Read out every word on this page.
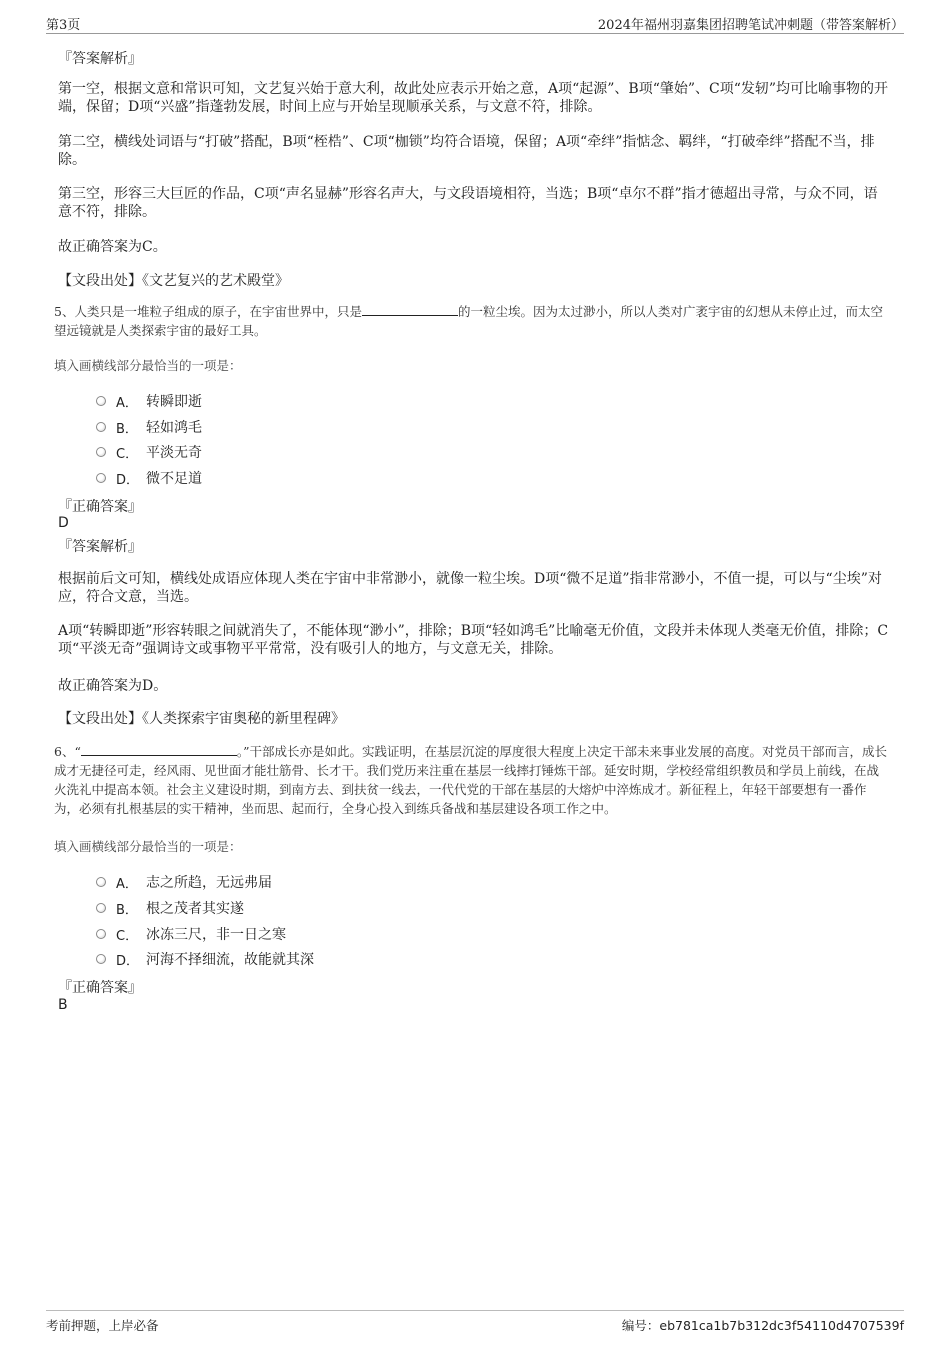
第3页	2024年福州羽嘉集团招聘笔试冲刺题（带答案解析）
『答案解析』
第一空，根据文意和常识可知，文艺复兴始于意大利，故此处应表示开始之意，A项“起源”、B项“肇始”、C项“发轫”均可比喻事物的开端，保留；D项“兴盛”指蓬勃发展，时间上应与开始呈现顺承关系，与文意不符，排除。
第二空，横线处词语与“打破”搭配，B项“桎梏”、C项“枷锁”均符合语境，保留；A项“牵绊”指惦念、羁绊，“打破牵绊”搭配不当，排除。
第三空，形容三大巨匠的作品，C项“声名显赫”形容名声大，与文段语境相符，当选；B项“卓尔不群”指才德超出寻常，与众不同，语意不符，排除。
故正确答案为C。
【文段出处】《文艺复兴的艺术殿堂》
5、人类只是一堆粒子组成的原子，在宇宙世界中，只是	的一粒尘埃。因为太过渺小，所以人类对广袤宇宙的幻想从未停止过，而太空望远镜就是人类探索宇宙的最好工具。
填入画横线部分最恰当的一项是：
A． 转瞬即逝
B． 轻如鸿毛
C． 平淡无奇
D． 微不足道
『正确答案』
D
『答案解析』
根据前后文可知，横线处成语应体现人类在宇宙中非常渺小，就像一粒尘埃。D项“微不足道”指非常渺小，不值一提，可以与“尘埃”对应，符合文意，当选。
A项“转瞬即逝”形容转眼之间就消失了，不能体现“渺小”，排除；B项“轻如鸿毛”比喻毫无价值，文段并未体现人类毫无价值，排除；C项“平淡无奇”强调诗文或事物平平常常，没有吸引人的地方，与文意无关，排除。
故正确答案为D。
【文段出处】《人类探索宇宙奥秘的新里程碑》
6、“	。”干部成长亦是如此。实践证明，在基层沉淀的厚度很大程度上决定干部未来事业发展的高度。对党员干部而言，成长成才无捷径可走，经风雨、见世面才能壮筋骨、长才干。我们党历来注重在基层一线摔打锤炼干部。延安时期，学校经常组织教员和学员上前线，在战火洗礼中提高本领。社会主义建设时期，到南方去、到扶贫一线去，一代代党的干部在基层的大熔炉中淬炼成才。新征程上，年轻干部要想有一番作为，必须有扎根基层的实干精神，坐而思、起而行，全身心投入到练兵备战和基层建设各项工作之中。
填入画横线部分最恰当的一项是：
A． 志之所趋，无远弗届
B． 根之茂者其实遂
C． 冰冻三尺，非一日之寒
D． 河海不择细流，故能就其深
『正确答案』
B
考前押题，上岸必备	编号：eb781ca1b7b312dc3f54110d4707539f
